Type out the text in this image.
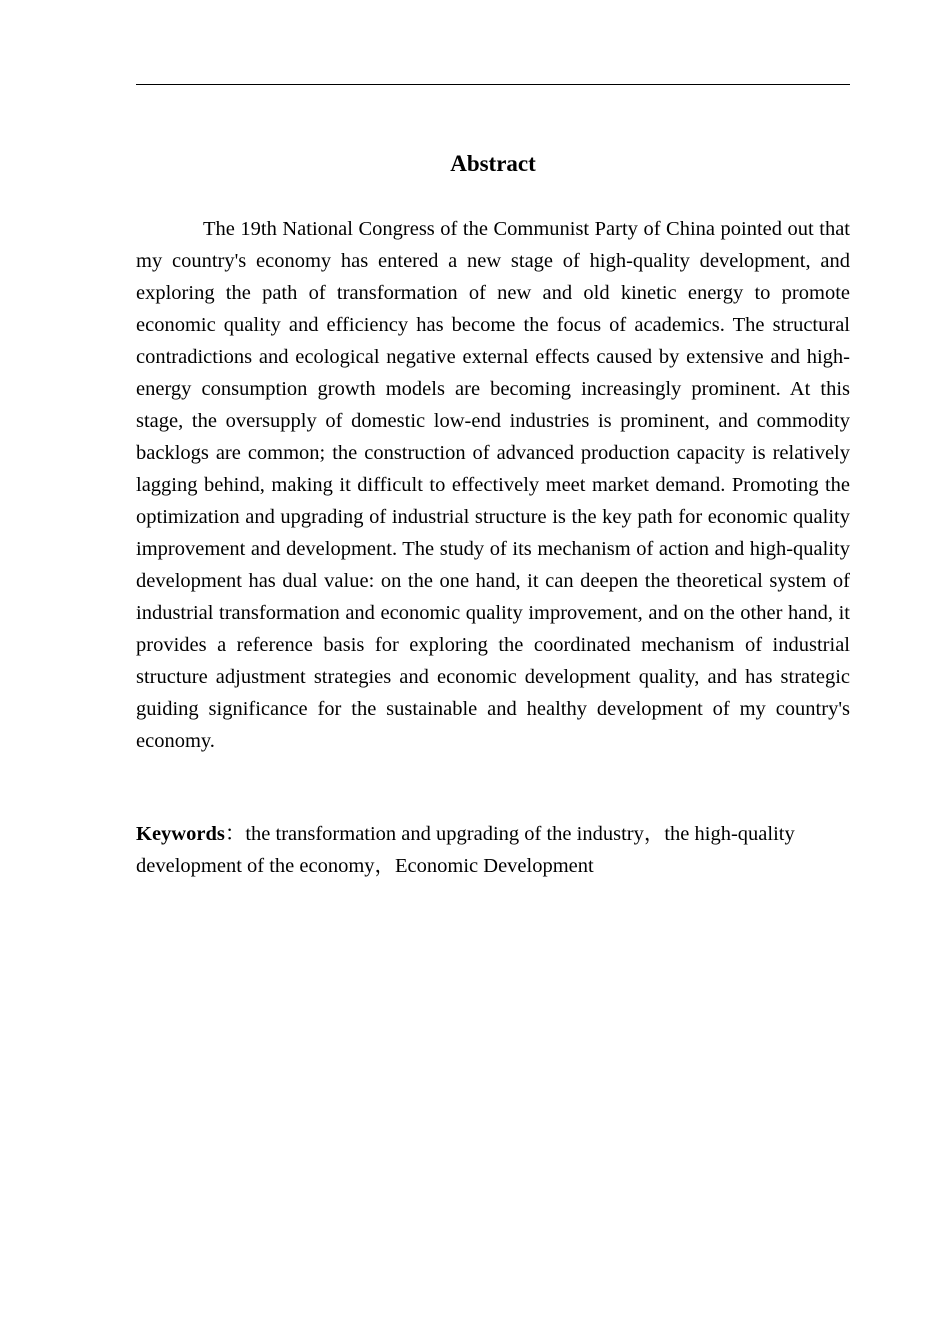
Abstract

The 19th National Congress of the Communist Party of China pointed out that my country's economy has entered a new stage of high-quality development, and exploring the path of transformation of new and old kinetic energy to promote economic quality and efficiency has become the focus of academics. The structural contradictions and ecological negative external effects caused by extensive and high-energy consumption growth models are becoming increasingly prominent. At this stage, the oversupply of domestic low-end industries is prominent, and commodity backlogs are common; the construction of advanced production capacity is relatively lagging behind, making it difficult to effectively meet market demand. Promoting the optimization and upgrading of industrial structure is the key path for economic quality improvement and development. The study of its mechanism of action and high-quality development has dual value: on the one hand, it can deepen the theoretical system of industrial transformation and economic quality improvement, and on the other hand, it provides a reference basis for exploring the coordinated mechanism of industrial structure adjustment strategies and economic development quality, and has strategic guiding significance for the sustainable and healthy development of my country's economy.

Keywords：the transformation and upgrading of the industry，the high-quality development of the economy，Economic Development
